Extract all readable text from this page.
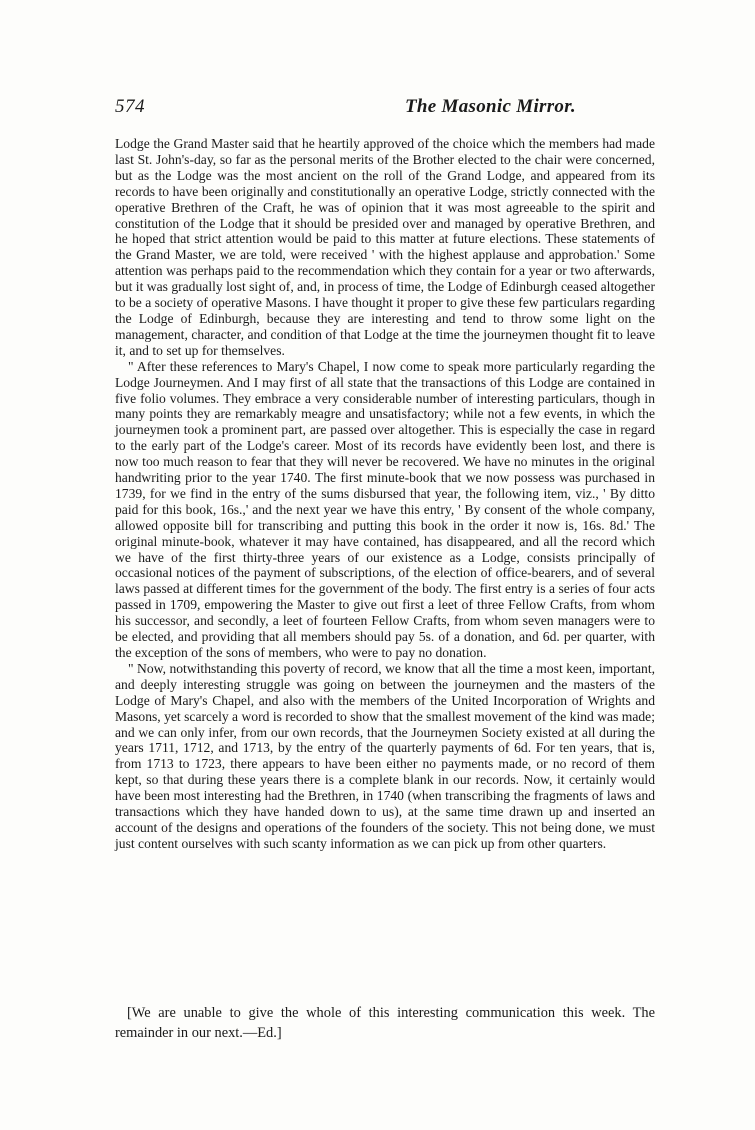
574	The Masonic Mirror.

Lodge the Grand Master said that he heartily approved of the choice which the members had made last St. John's-day, so far as the personal merits of the Brother elected to the chair were concerned, but as the Lodge was the most ancient on the roll of the Grand Lodge, and appeared from its records to have been originally and constitutionally an operative Lodge, strictly connected with the operative Brethren of the Craft, he was of opinion that it was most agreeable to the spirit and constitution of the Lodge that it should be presided over and managed by operative Brethren, and he hoped that strict attention would be paid to this matter at future elections. These statements of the Grand Master, we are told, were received ' with the highest applause and approbation.' Some attention was perhaps paid to the recommendation which they contain for a year or two afterwards, but it was gradually lost sight of, and, in process of time, the Lodge of Edinburgh ceased altogether to be a society of operative Masons. I have thought it proper to give these few particulars regarding the Lodge of Edinburgh, because they are interesting and tend to throw some light on the management, character, and condition of that Lodge at the time the journeymen thought fit to leave it, and to set up for themselves.

" After these references to Mary's Chapel, I now come to speak more particularly regarding the Lodge Journeymen. And I may first of all state that the transactions of this Lodge are contained in five folio volumes. They embrace a very considerable number of interesting particulars, though in many points they are remarkably meagre and unsatisfactory; while not a few events, in which the journeymen took a prominent part, are passed over altogether. This is especially the case in regard to the early part of the Lodge's career. Most of its records have evidently been lost, and there is now too much reason to fear that they will never be recovered. We have no minutes in the original handwriting prior to the year 1740. The first minute-book that we now possess was purchased in 1739, for we find in the entry of the sums disbursed that year, the following item, viz., ' By ditto paid for this book, 16s.,' and the next year we have this entry, ' By consent of the whole company, allowed opposite bill for transcribing and putting this book in the order it now is, 16s. 8d.' The original minute-book, whatever it may have contained, has disappeared, and all the record which we have of the first thirty-three years of our existence as a Lodge, consists principally of occasional notices of the payment of subscriptions, of the election of office-bearers, and of several laws passed at different times for the government of the body. The first entry is a series of four acts passed in 1709, empowering the Master to give out first a leet of three Fellow Crafts, from whom his successor, and secondly, a leet of fourteen Fellow Crafts, from whom seven managers were to be elected, and providing that all members should pay 5s. of a donation, and 6d. per quarter, with the exception of the sons of members, who were to pay no donation.

" Now, notwithstanding this poverty of record, we know that all the time a most keen, important, and deeply interesting struggle was going on between the journeymen and the masters of the Lodge of Mary's Chapel, and also with the members of the United Incorporation of Wrights and Masons, yet scarcely a word is recorded to show that the smallest movement of the kind was made; and we can only infer, from our own records, that the Journeymen Society existed at all during the years 1711, 1712, and 1713, by the entry of the quarterly payments of 6d. For ten years, that is, from 1713 to 1723, there appears to have been either no payments made, or no record of them kept, so that during these years there is a complete blank in our records. Now, it certainly would have been most interesting had the Brethren, in 1740 (when transcribing the fragments of laws and transactions which they have handed down to us), at the same time drawn up and inserted an account of the designs and operations of the founders of the society. This not being done, we must just content ourselves with such scanty information as we can pick up from other quarters.

[We are unable to give the whole of this interesting communication this week. The remainder in our next.—Ed.]
